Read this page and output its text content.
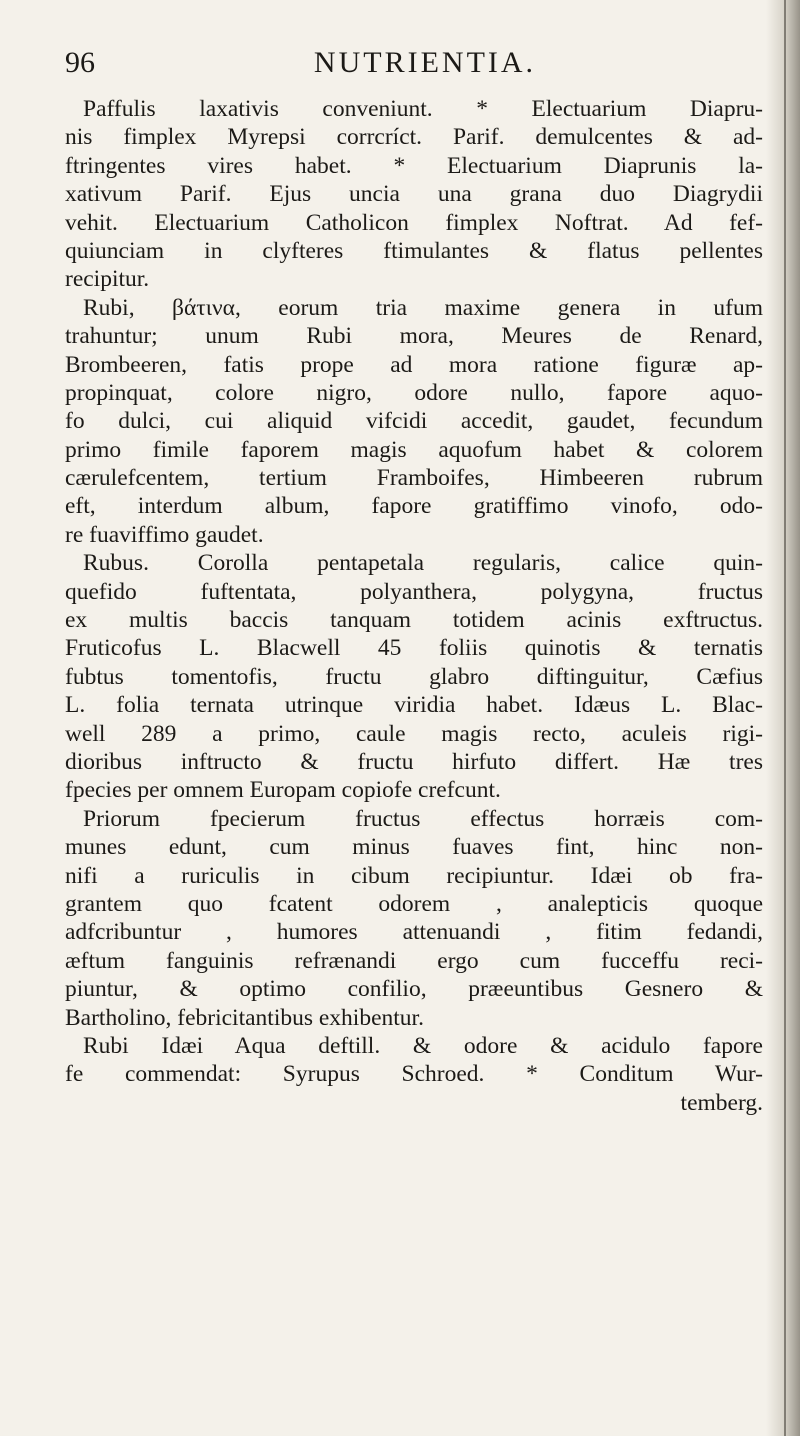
96	NUTRIENTIA.
Paffulis laxativis conveniunt. * Electuarium Diapru-
nis fimplex Myrepsi corrcríct. Parif. demulcentes & ad-
ftringentes vires habet. * Electuarium Diaprunis la-
xativum Parif. Ejus uncia una grana duo Diagrydii
vehit. Electuarium Catholicon fimplex Noftrat. Ad fef-
quiunciam in clyfteres ftimulantes & flatus pellentes
recipitur.
Rubi, βάτινα, eorum tria maxime genera in ufum
trahuntur; unum Rubi mora, Meures de Renard,
Brombeeren, fatis prope ad mora ratione figuræ ap-
propinquat, colore nigro, odore nullo, fapore aquo-
fo dulci, cui aliquid vifcidi accedit, gaudet, fecundum
primo fimile faporem magis aquofum habet & colorem
cærulefcentem, tertium Framboifes, Himbeeren rubrum
eft, interdum album, fapore gratiffimo vinofo, odo-
re fuaviffimo gaudet.
Rubus. Corolla pentapetala regularis, calice quin-
quefido fuftentata, polyanthera, polygyna, fructus
ex multis baccis tanquam totidem acinis exftructus.
Fruticofus L. Blacwell 45 foliis quinotis & ternatis
fubtus tomentofis, fructu glabro diftinguitur, Cæfius
L. folia ternata utrinque viridia habet. Idæus L. Blac-
well 289 a primo, caule magis recto, aculeis rigi-
dioribus inftructo & fructu hirfuto differt. Hæ tres
fpecies per omnem Europam copiofe crefcunt.
Priorum fpecierum fructus effectus horræis com-
munes edunt, cum minus fuaves fint, hinc non-
nifi a ruriculis in cibum recipiuntur. Idæi ob fra-
grantem quo fcatent odorem , analepticis quoque
adfcribuntur , humores attenuandi , fitim fedandi,
æftum fanguinis refrænandi ergo cum fucceffu reci-
piuntur, & optimo confilio, præeuntibus Gesnero &
Bartholino, febricitantibus exhibentur.
Rubi Idæi Aqua deftill. & odore & acidulo fapore
fe commendat: Syrupus Schroed. * Conditum Wur-
temberg.
